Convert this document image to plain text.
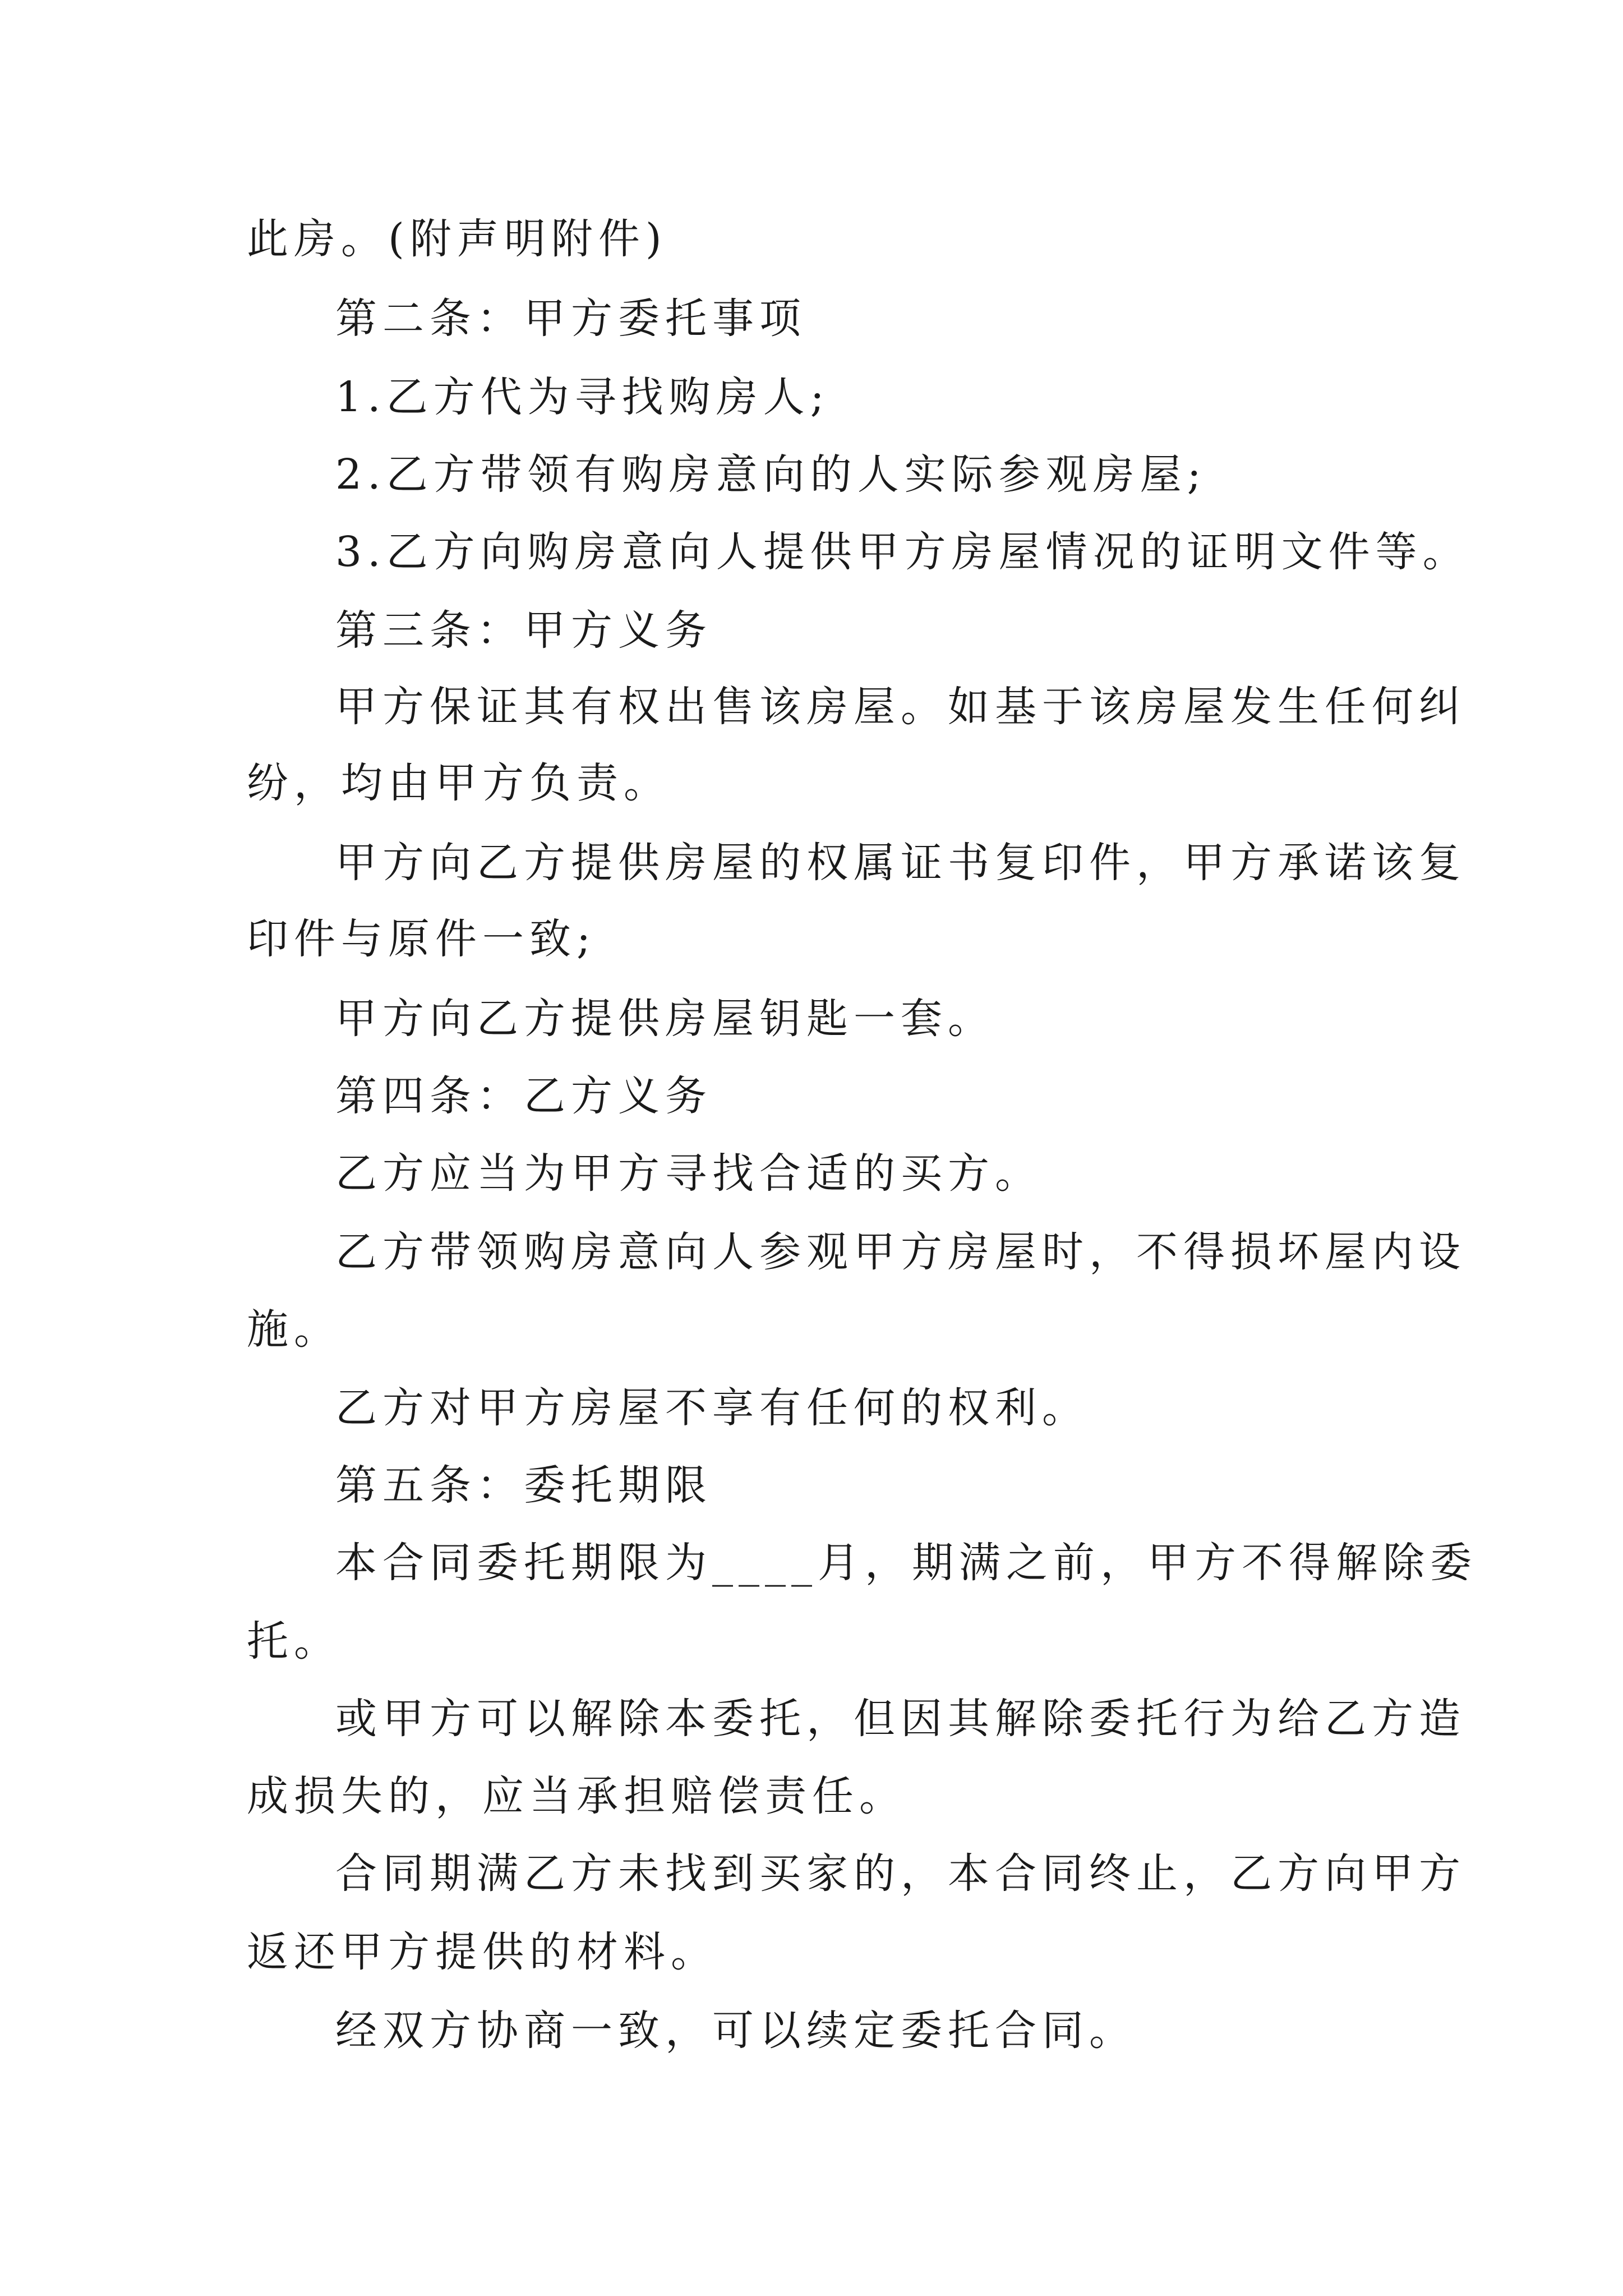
此房。(附声明附件)

第二条：甲方委托事项

1.乙方代为寻找购房人;

2.乙方带领有购房意向的人实际参观房屋;

3.乙方向购房意向人提供甲方房屋情况的证明文件等。

第三条：甲方义务

甲方保证其有权出售该房屋。如基于该房屋发生任何纠

纷，均由甲方负责。

甲方向乙方提供房屋的权属证书复印件，甲方承诺该复

印件与原件一致;

甲方向乙方提供房屋钥匙一套。

第四条：乙方义务

乙方应当为甲方寻找合适的买方。

乙方带领购房意向人参观甲方房屋时，不得损坏屋内设

施。

乙方对甲方房屋不享有任何的权利。

第五条：委托期限

本合同委托期限为____月，期满之前，甲方不得解除委

托。

或甲方可以解除本委托，但因其解除委托行为给乙方造

成损失的，应当承担赔偿责任。

合同期满乙方未找到买家的，本合同终止，乙方向甲方

返还甲方提供的材料。

经双方协商一致，可以续定委托合同。
